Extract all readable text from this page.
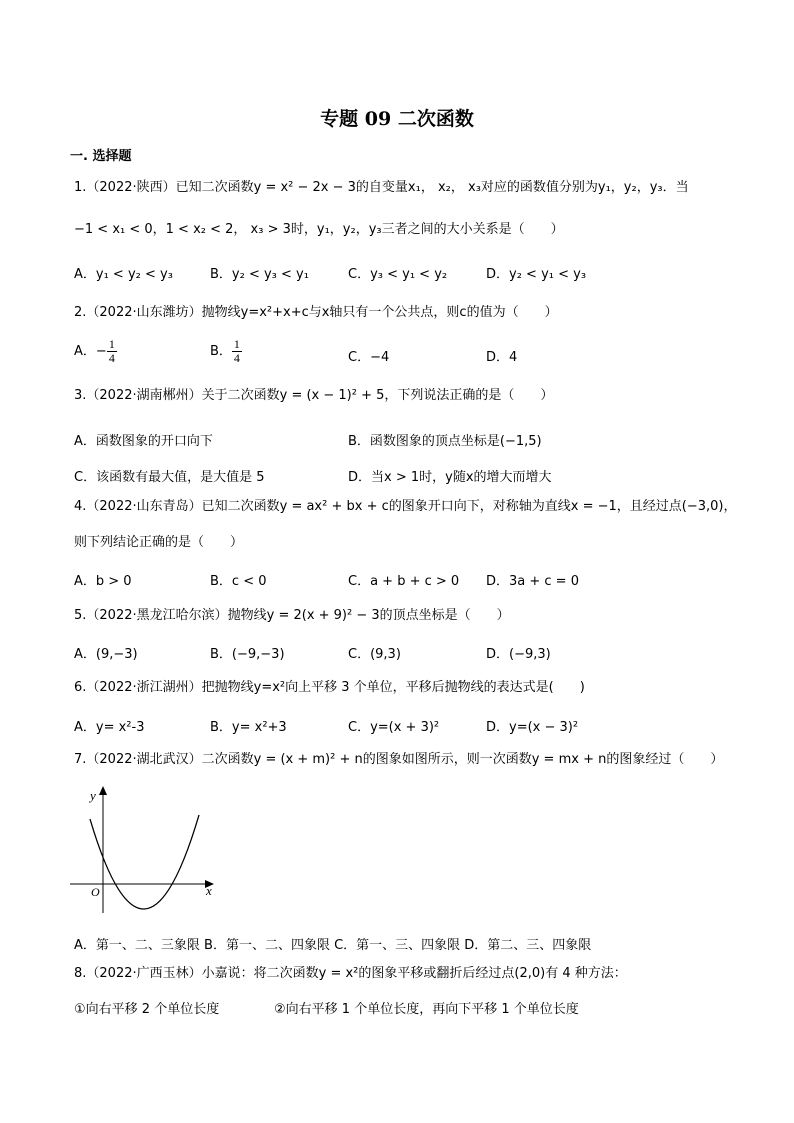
专题 09 二次函数
一. 选择题
1.（2022·陕西）已知二次函数y = x² − 2x − 3的自变量x₁， x₂， x₃对应的函数值分别为y₁，y₂，y₃．当
−1 < x₁ < 0，1 < x₂ < 2， x₃ > 3时，y₁，y₂，y₃三者之间的大小关系是（　　）
A．y₁ < y₂ < y₃	B．y₂ < y₃ < y₁	C．y₃ < y₁ < y₂	D．y₂ < y₁ < y₃
2.（2022·山东潍坊）抛物线y=x²+x+c与x轴只有一个公共点，则c的值为（　　）
A．− $\frac{1}{4}$	B． $\frac{1}{4}$	C．−4	D．4
3.（2022·湖南郴州）关于二次函数y = (x − 1)² + 5，下列说法正确的是（　　）
A．函数图象的开口向下	B．函数图象的顶点坐标是(−1,5)
C．该函数有最大值，是大值是 5	D．当x > 1时，y随x的增大而增大
4.（2022·山东青岛）已知二次函数y = ax² + bx + c的图象开口向下，对称轴为直线x = −1，且经过点(−3,0)，
则下列结论正确的是（　　）
A．b > 0	B．c < 0	C．a + b + c > 0 D．3a + c = 0
5.（2022·黑龙江哈尔滨）抛物线y = 2(x + 9)² − 3的顶点坐标是（　　）
A．(9,−3)	B．(−9,−3)	C．(9,3)	D．(−9,3)
6.（2022·浙江湖州）把抛物线y=x²向上平移 3 个单位，平移后抛物线的表达式是(　　)
A．y= x²-3	B．y= x²+3	C．y=(x + 3)²	D．y=(x − 3)²
7.（2022·湖北武汉）二次函数y = (x + m)² + n的图象如图所示，则一次函数y = mx + n的图象经过（　　）
y
x
O
A．第一、二、三象限 B．第一、二、四象限 C．第一、三、四象限 D．第二、三、四象限
8.（2022·广西玉林）小嘉说：将二次函数y = x²的图象平移或翻折后经过点(2,0)有 4 种方法：
①向右平移 2 个单位长度	②向右平移 1 个单位长度，再向下平移 1 个单位长度
